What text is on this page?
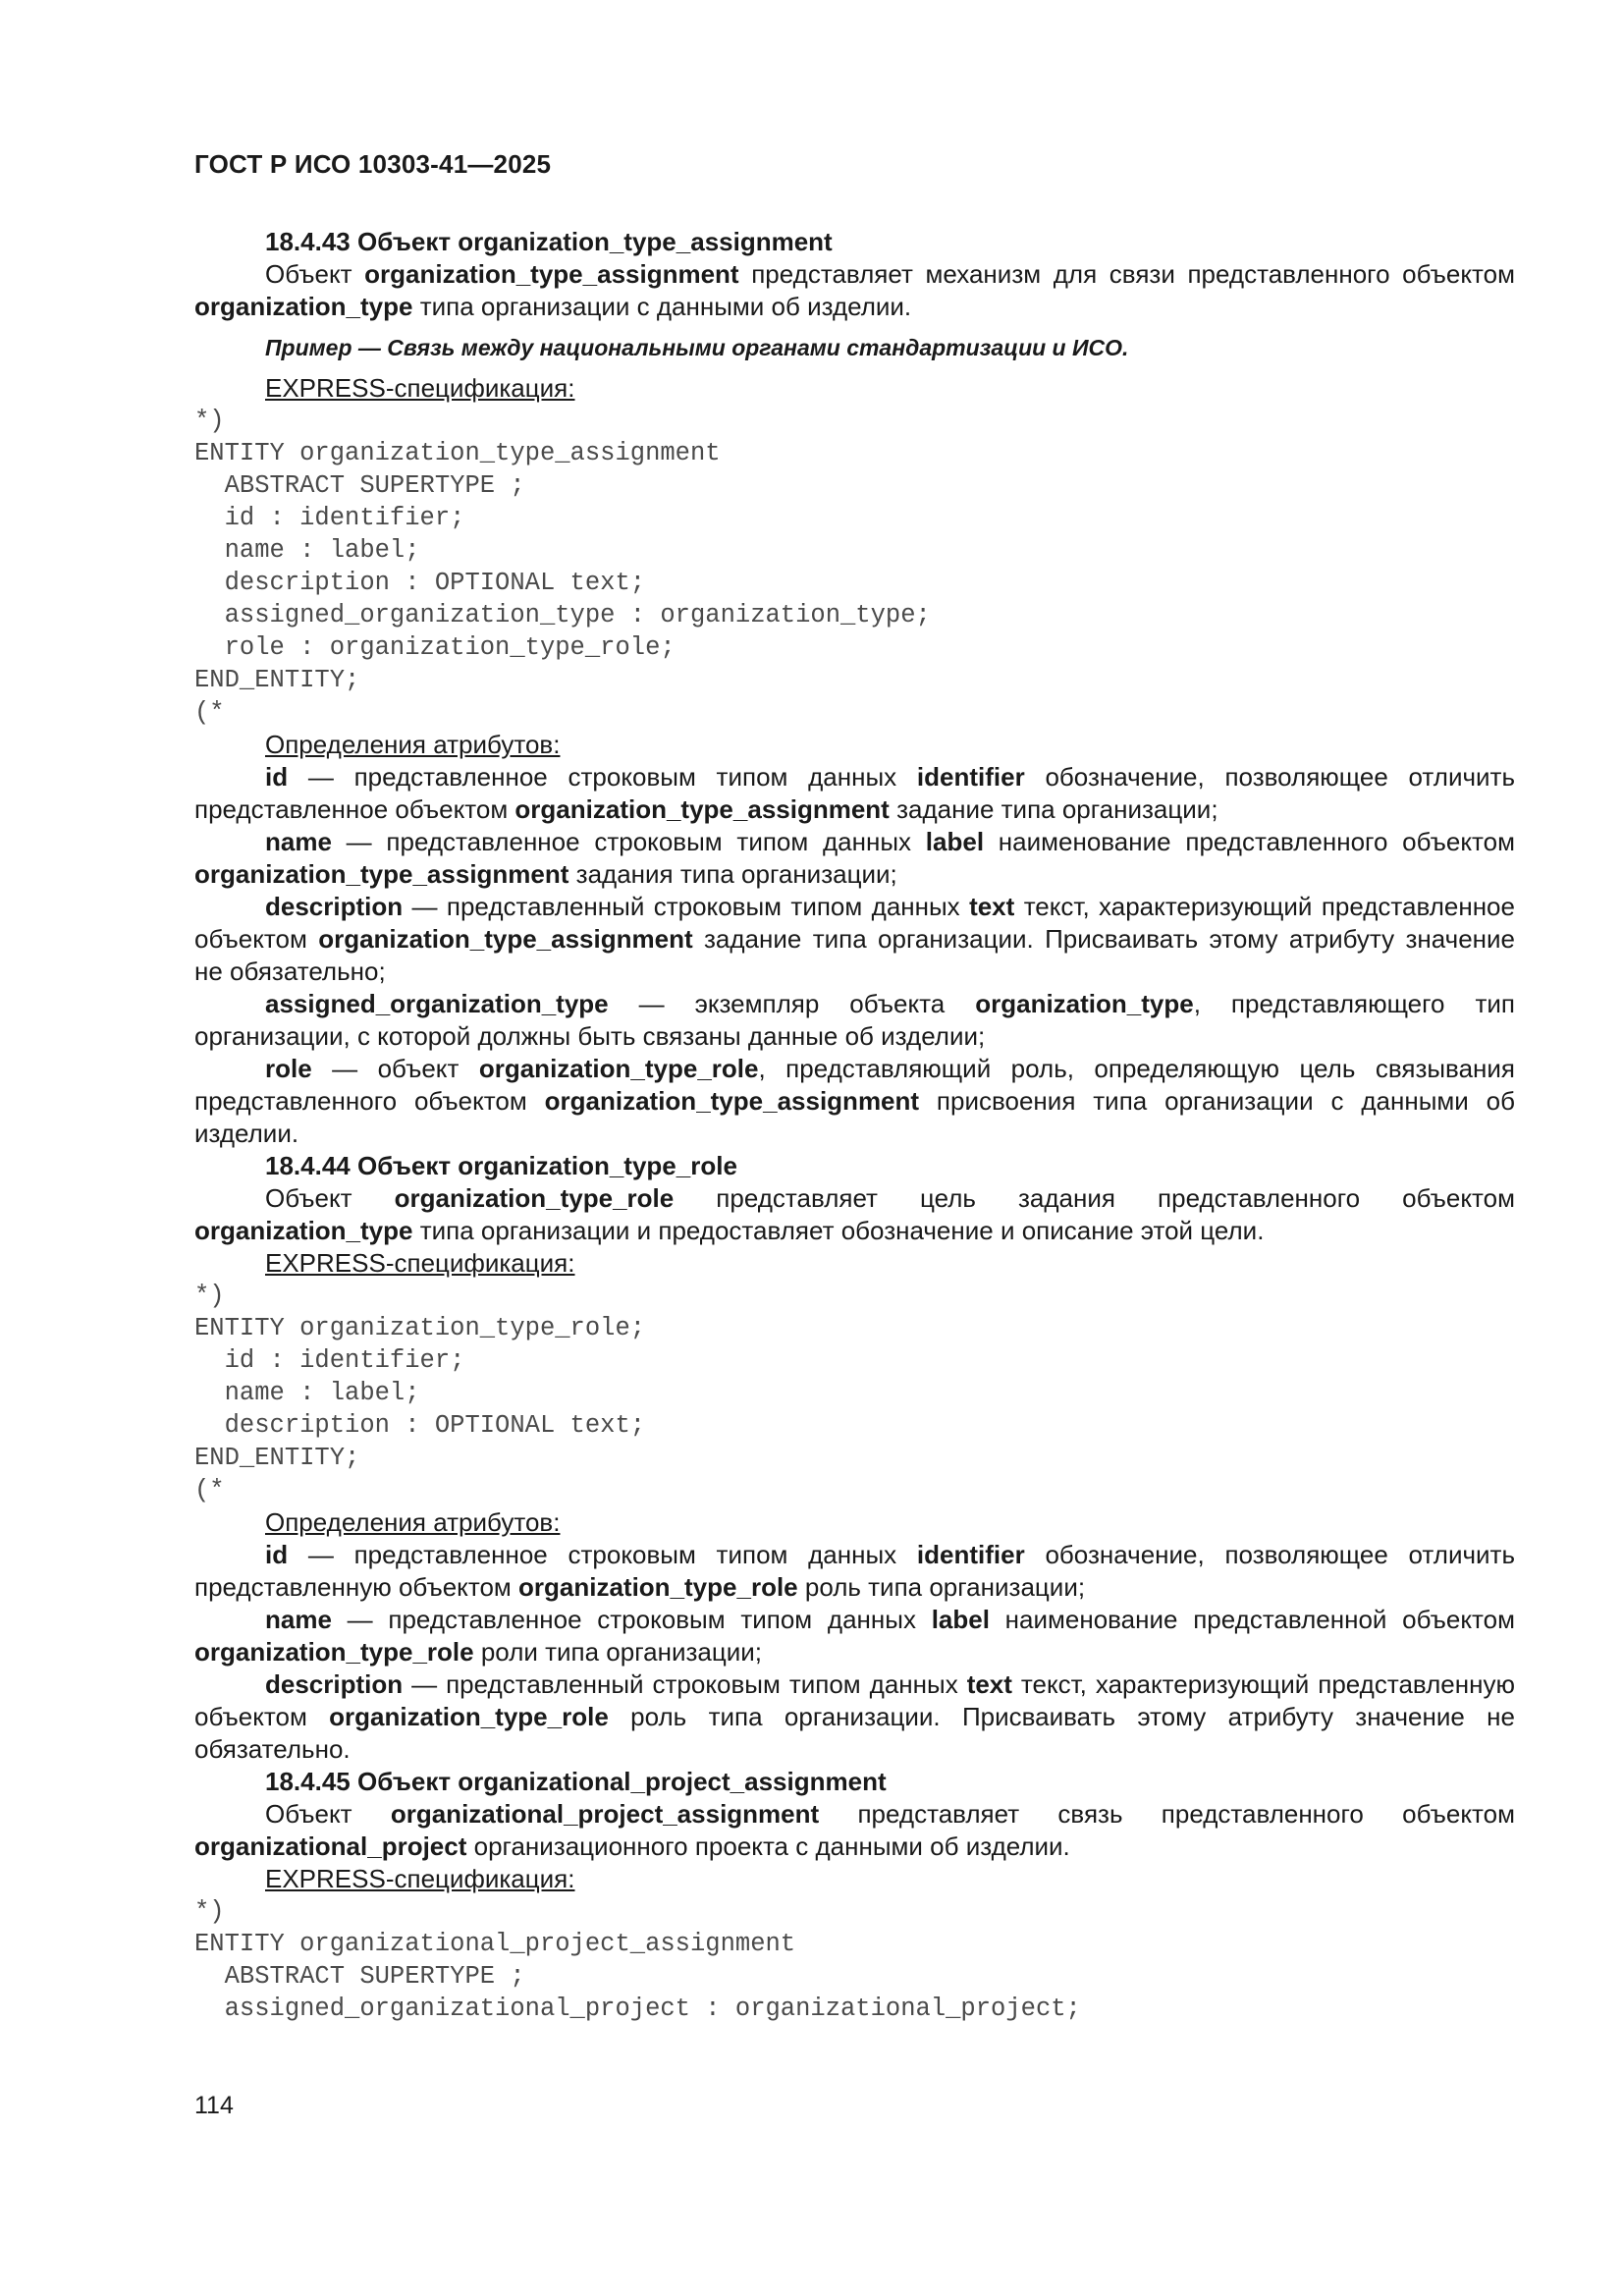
ГОСТ Р ИСО 10303-41—2025
18.4.43 Объект organization_type_assignment
Объект organization_type_assignment представляет механизм для связи представленного объектом organization_type типа организации с данными об изделии.
Пример — Связь между национальными органами стандартизации и ИСО.
EXPRESS-спецификация:
*)
ENTITY organization_type_assignment
ABSTRACT SUPERTYPE ;
id : identifier;
name : label;
description : OPTIONAL text;
assigned_organization_type : organization_type;
role : organization_type_role;
END_ENTITY;
(*
Определения атрибутов:
id — представленное строковым типом данных identifier обозначение, позволяющее отличить представленное объектом organization_type_assignment задание типа организации;
name — представленное строковым типом данных label наименование представленного объектом organization_type_assignment задания типа организации;
description — представленный строковым типом данных text текст, характеризующий представленное объектом organization_type_assignment задание типа организации. Присваивать этому атрибуту значение не обязательно;
assigned_organization_type — экземпляр объекта organization_type, представляющего тип организации, с которой должны быть связаны данные об изделии;
role — объект organization_type_role, представляющий роль, определяющую цель связывания представленного объектом organization_type_assignment присвоения типа организации с данными об изделии.
18.4.44 Объект organization_type_role
Объект organization_type_role представляет цель задания представленного объектом organization_type типа организации и предоставляет обозначение и описание этой цели.
EXPRESS-спецификация:
*)
ENTITY organization_type_role;
id : identifier;
name : label;
description : OPTIONAL text;
END_ENTITY;
(*
Определения атрибутов:
id — представленное строковым типом данных identifier обозначение, позволяющее отличить представленную объектом organization_type_role роль типа организации;
name — представленное строковым типом данных label наименование представленной объектом organization_type_role роли типа организации;
description — представленный строковым типом данных text текст, характеризующий представленную объектом organization_type_role роль типа организации. Присваивать этому атрибуту значение не обязательно.
18.4.45 Объект organizational_project_assignment
Объект organizational_project_assignment представляет связь представленного объектом organizational_project организационного проекта с данными об изделии.
EXPRESS-спецификация:
*)
ENTITY organizational_project_assignment
ABSTRACT SUPERTYPE ;
assigned_organizational_project : organizational_project;
114
